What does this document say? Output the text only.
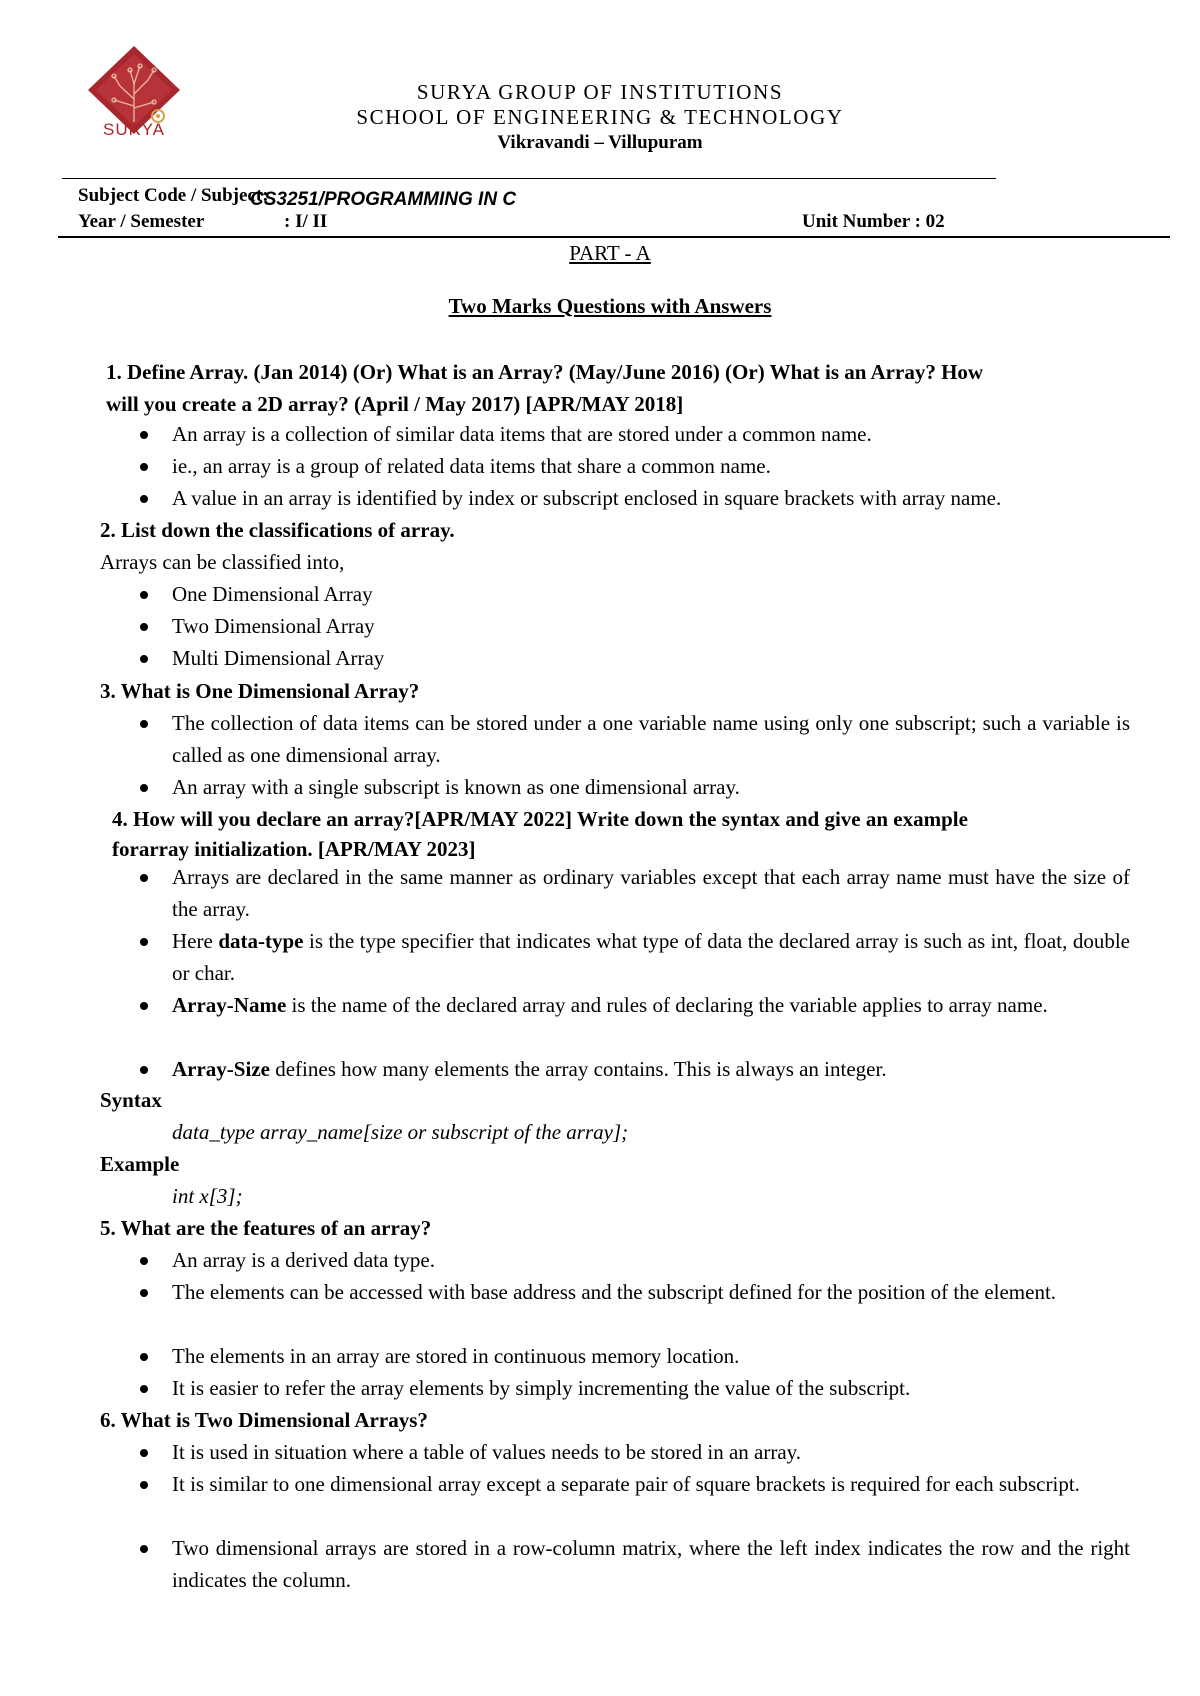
SURYA
SURYA GROUP OF INSTITUTIONS
SCHOOL OF ENGINEERING & TECHNOLOGY
Vikravandi – Villupuram
Subject Code / Subject:
CS3251/PROGRAMMING IN C
Year / Semester	: I/ II	Unit Number : 02
PART - A
Two Marks Questions with Answers
1. Define Array. (Jan 2014) (Or) What is an Array? (May/June 2016) (Or) What is an Array? How
will you create a 2D array? (April / May 2017) [APR/MAY 2018]
An array is a collection of similar data items that are stored under a common name.
ie., an array is a group of related data items that share a common name.
A value in an array is identified by index or subscript enclosed in square brackets with array name.
2. List down the classifications of array.
Arrays can be classified into,
One Dimensional Array
Two Dimensional Array
Multi Dimensional Array
3. What is One Dimensional Array?
The collection of data items can be stored under a one variable name using only one subscript; such a variable is called as one dimensional array.
An array with a single subscript is known as one dimensional array.
4. How will you declare an array?[APR/MAY 2022] Write down the syntax and give an example
forarray initialization. [APR/MAY 2023]
Arrays are declared in the same manner as ordinary variables except that each array name must have the size of the array.
Here data-type is the type specifier that indicates what type of data the declared array is such as int, float, double or char.
Array-Name is the name of the declared array and rules of declaring the variable applies to array name.
Array-Size defines how many elements the array contains. This is always an integer.
Syntax
data_type array_name[size or subscript of the array];
Example
int x[3];
5. What are the features of an array?
An array is a derived data type.
The elements can be accessed with base address and the subscript defined for the position of the element.
The elements in an array are stored in continuous memory location.
It is easier to refer the array elements by simply incrementing the value of the subscript.
6. What is Two Dimensional Arrays?
It is used in situation where a table of values needs to be stored in an array.
It is similar to one dimensional array except a separate pair of square brackets is required for each subscript.
Two dimensional arrays are stored in a row-column matrix, where the left index indicates the row and the right indicates the column.
